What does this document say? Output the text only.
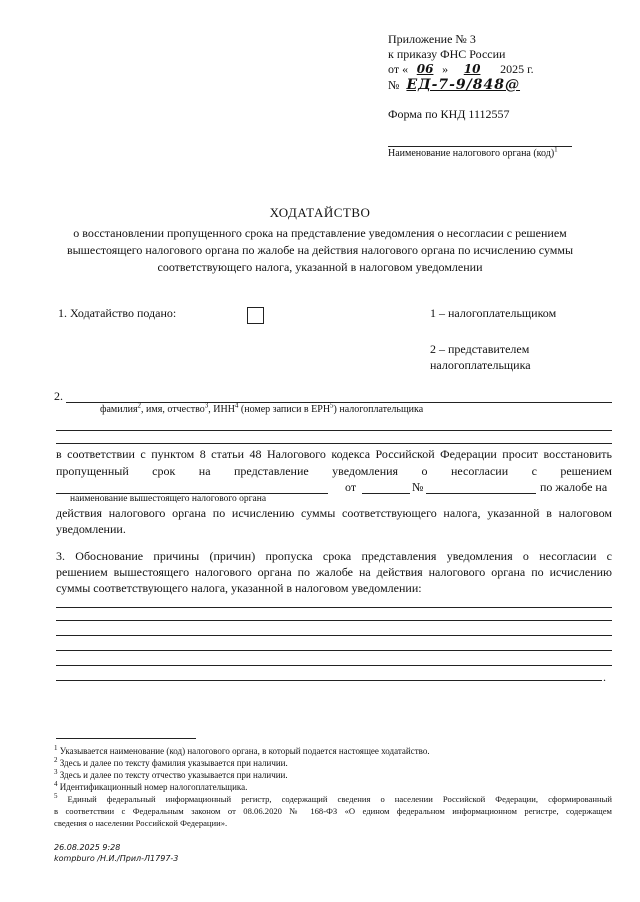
Приложение № 3
к приказу ФНС России
от « 06 » 10 2025 г.
№ ЕД-7-9/848@
Форма по КНД 1112557
Наименование налогового органа (код)$^1$
ХОДАТАЙСТВО
о восстановлении пропущенного срока на представление уведомления о несогласии с решением
вышестоящего налогового органа по жалобе на действия налогового органа по исчислению суммы
соответствующего налога, указанной в налоговом уведомлении
1. Ходатайство подано:	1 – налогоплательщиком
2 – представителем
налогоплательщика
2.
фамилия$^2$, имя, отчество$^3$, ИНН$^4$ (номер записи в ЕРН$^5$) налогоплательщика
в соответствии с пунктом 8 статьи 48 Налогового кодекса Российской Федерации просит восстановить
пропущенный срок на представление уведомления о несогласии с решением
от	№	по жалобе на
наименование вышестоящего налогового органа
действия налогового органа по исчислению суммы соответствующего налога, указанной в налоговом
уведомлении.
3. Обоснование причины (причин) пропуска срока представления уведомления о несогласии с
решением вышестоящего налогового органа по жалобе на действия налогового органа по исчислению
суммы соответствующего налога, указанной в налоговом уведомлении:
.
$^1$ Указывается наименование (код) налогового органа, в который подается настоящее ходатайство.
$^2$ Здесь и далее по тексту фамилия указывается при наличии.
$^3$ Здесь и далее по тексту отчество указывается при наличии.
$^4$ Идентификационный номер налогоплательщика.
$^5$ Единый федеральный информационный регистр, содержащий сведения о населении Российской Федерации, сформированный
в соответствии с Федеральным законом от 08.06.2020 № 168-ФЗ «О едином федеральном информационном регистре, содержащем
сведения о населении Российской Федерации».
26.08.2025 9:28
kompburo /Н.И./Прил-Л1797-3
